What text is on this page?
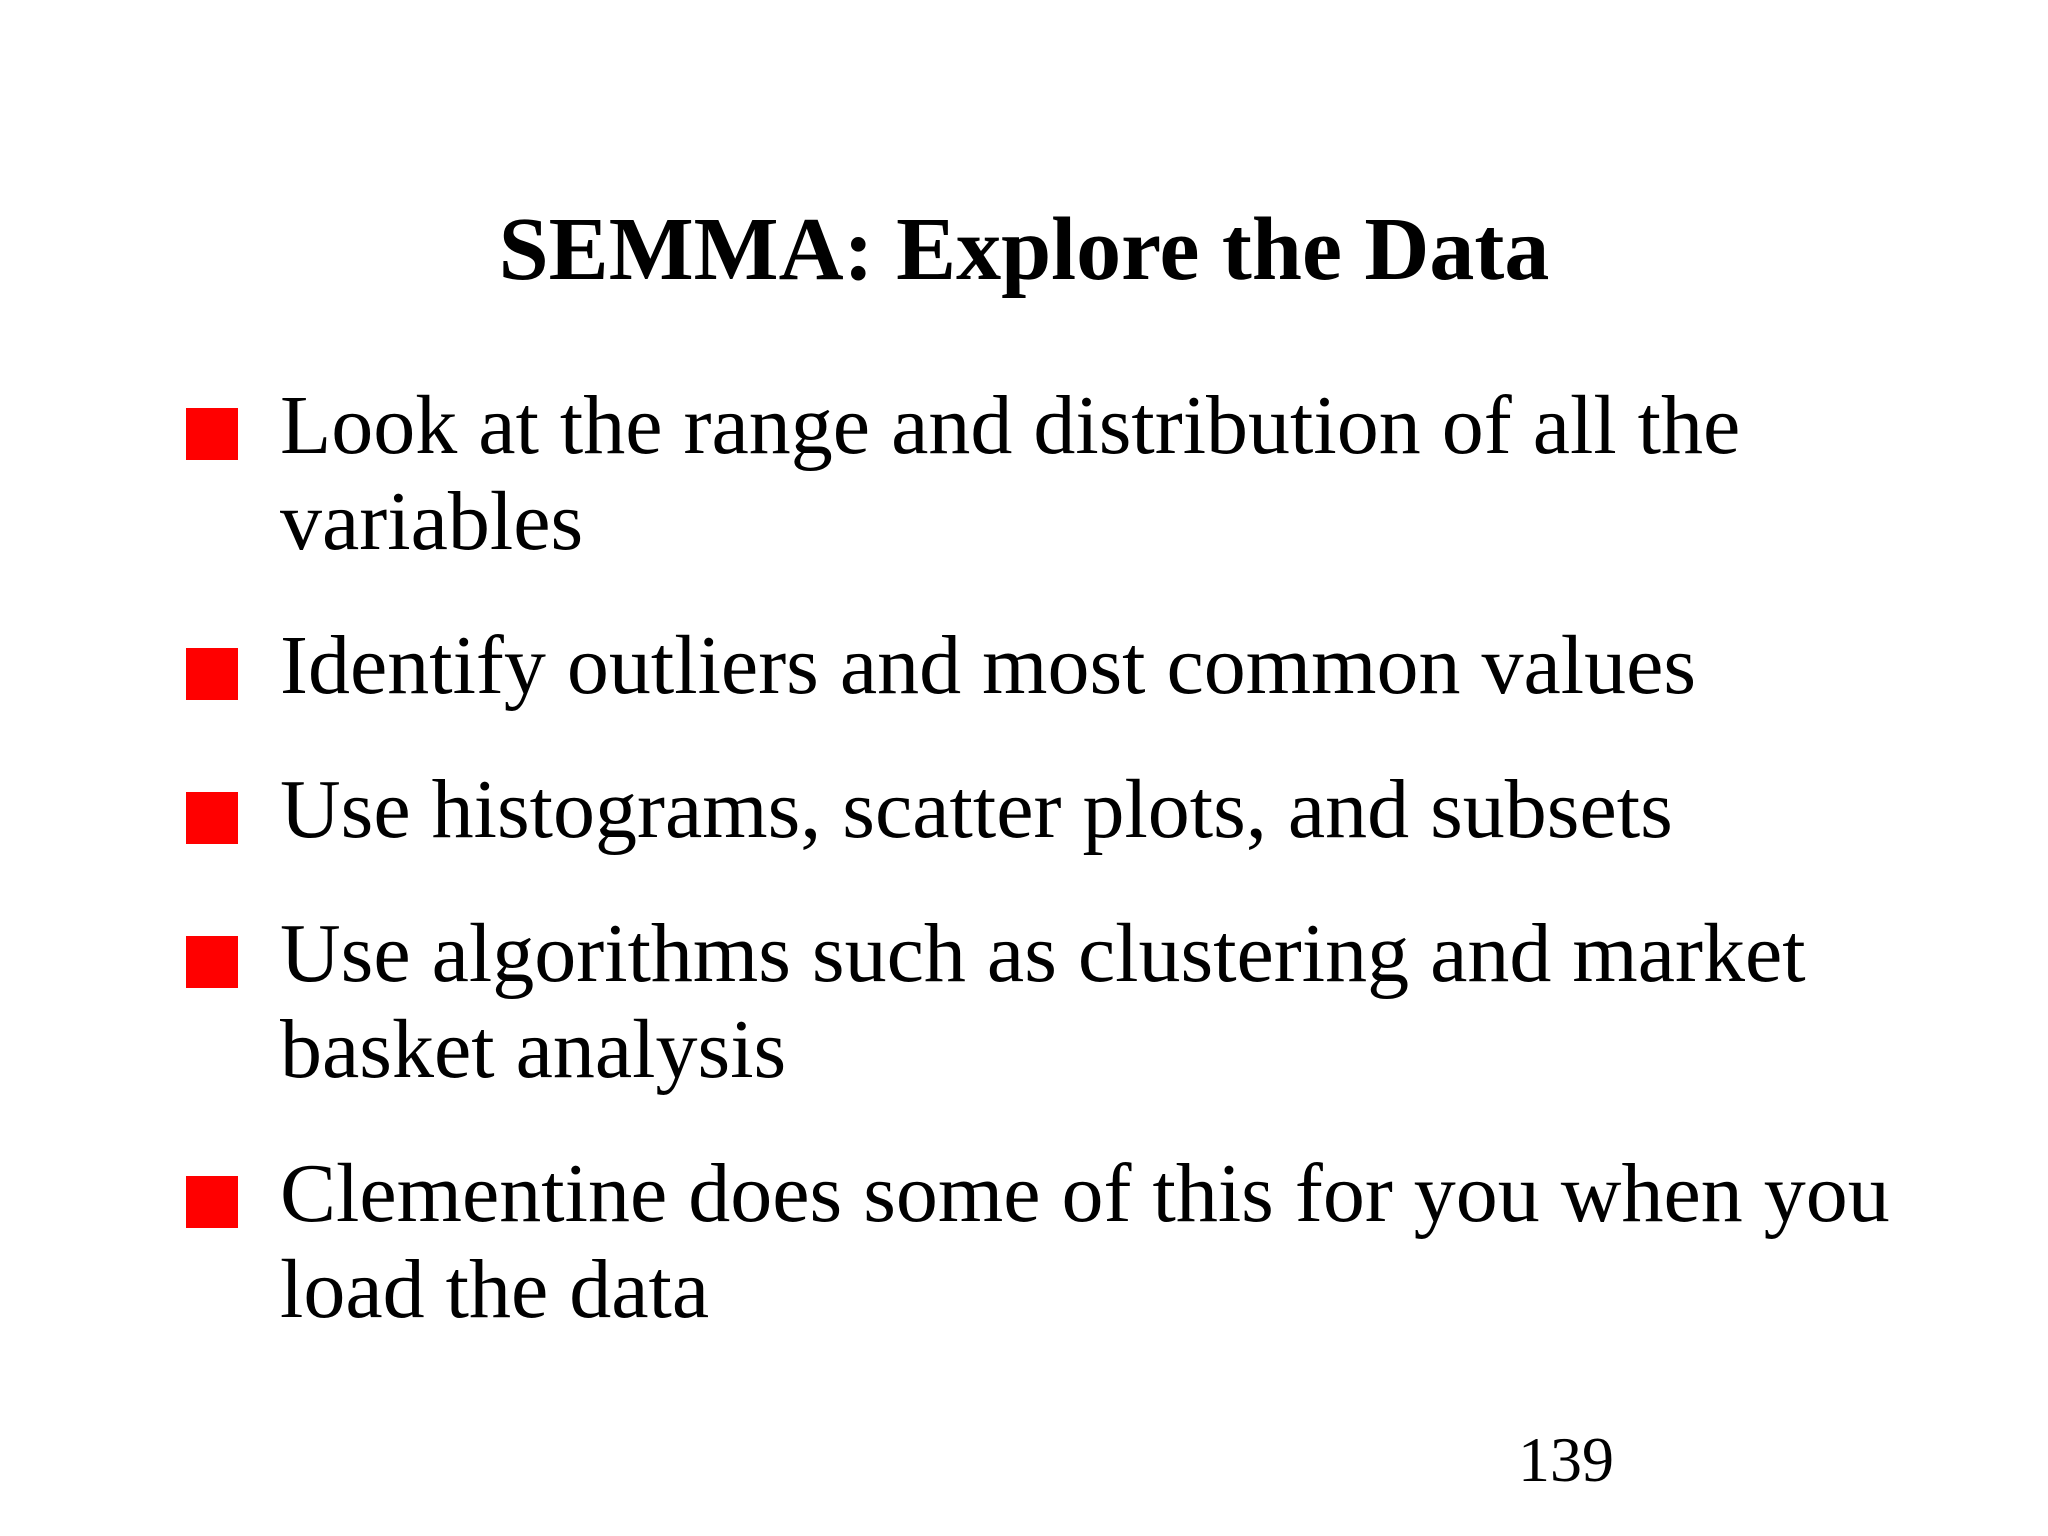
SEMMA: Explore the Data
Look at the range and distribution of all the variables
Identify outliers and most common values
Use histograms, scatter plots, and subsets
Use algorithms such as clustering and market basket analysis
Clementine does some of this for you when you load the data
139
